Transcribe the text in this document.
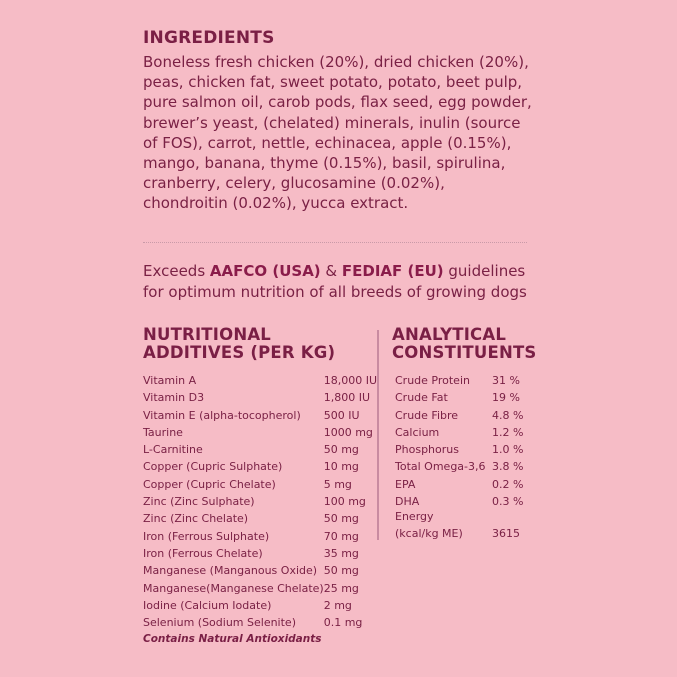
INGREDIENTS
Boneless fresh chicken (20%), dried chicken (20%), peas, chicken fat, sweet potato, potato, beet pulp, pure salmon oil, carob pods, flax seed, egg powder, brewer’s yeast, (chelated) minerals, inulin (source of FOS), carrot, nettle, echinacea, apple (0.15%), mango, banana, thyme (0.15%), basil, spirulina, cranberry, celery, glucosamine (0.02%), chondroitin (0.02%), yucca extract.
Exceeds AAFCO (USA) & FEDIAF (EU) guidelines for optimum nutrition of all breeds of growing dogs
NUTRITIONAL
ADDITIVES (PER KG)
ANALYTICAL
CONSTITUENTS
Vitamin A	18,000 IU
Vitamin D3	1,800 IU
Vitamin E (alpha-tocopherol)	500 IU
Taurine	1000 mg
L-Carnitine	50 mg
Copper (Cupric Sulphate)	10 mg
Copper (Cupric Chelate)	5 mg
Zinc (Zinc Sulphate)	100 mg
Zinc (Zinc Chelate)	50 mg
Iron (Ferrous Sulphate)	70 mg
Iron (Ferrous Chelate)	35 mg
Manganese (Manganous Oxide)	50 mg
Manganese(Manganese Chelate)	25 mg
Iodine (Calcium Iodate)	2 mg
Selenium (Sodium Selenite)	0.1 mg
Crude Protein	31 %
Crude Fat	19 %
Crude Fibre	4.8 %
Calcium	1.2 %
Phosphorus	1.0 %
Total Omega-3,6	3.8 %
EPA	0.2 %
DHA	0.3 %
Energy
(kcal/kg ME)	3615
Contains Natural Antioxidants
